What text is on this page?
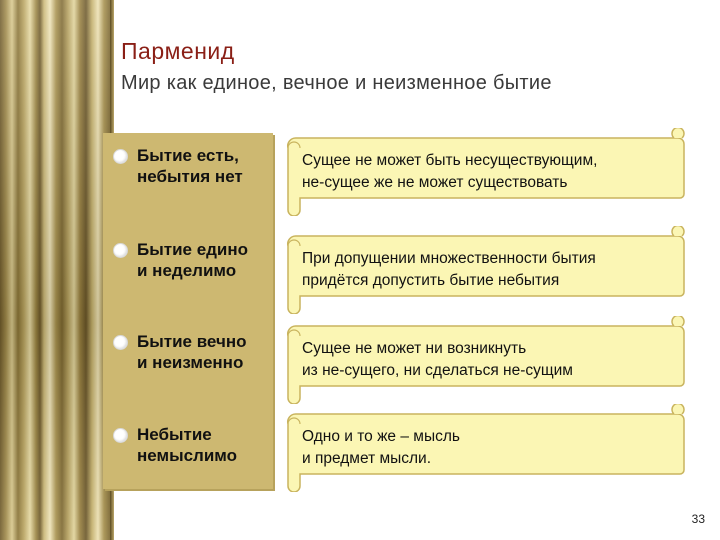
Парменид
Мир как единое, вечное и неизменное бытие
Бытие есть,
небытия нет
Бытие едино
и неделимо
Бытие вечно
и неизменно
Небытие
немыслимо
Сущее не может быть несуществующим,
не-сущее же не может существовать
При допущении множественности бытия
придётся допустить бытие небытия
Сущее не может ни возникнуть
из не-сущего, ни сделаться не-сущим
Одно и то же – мысль
и предмет мысли.
33
